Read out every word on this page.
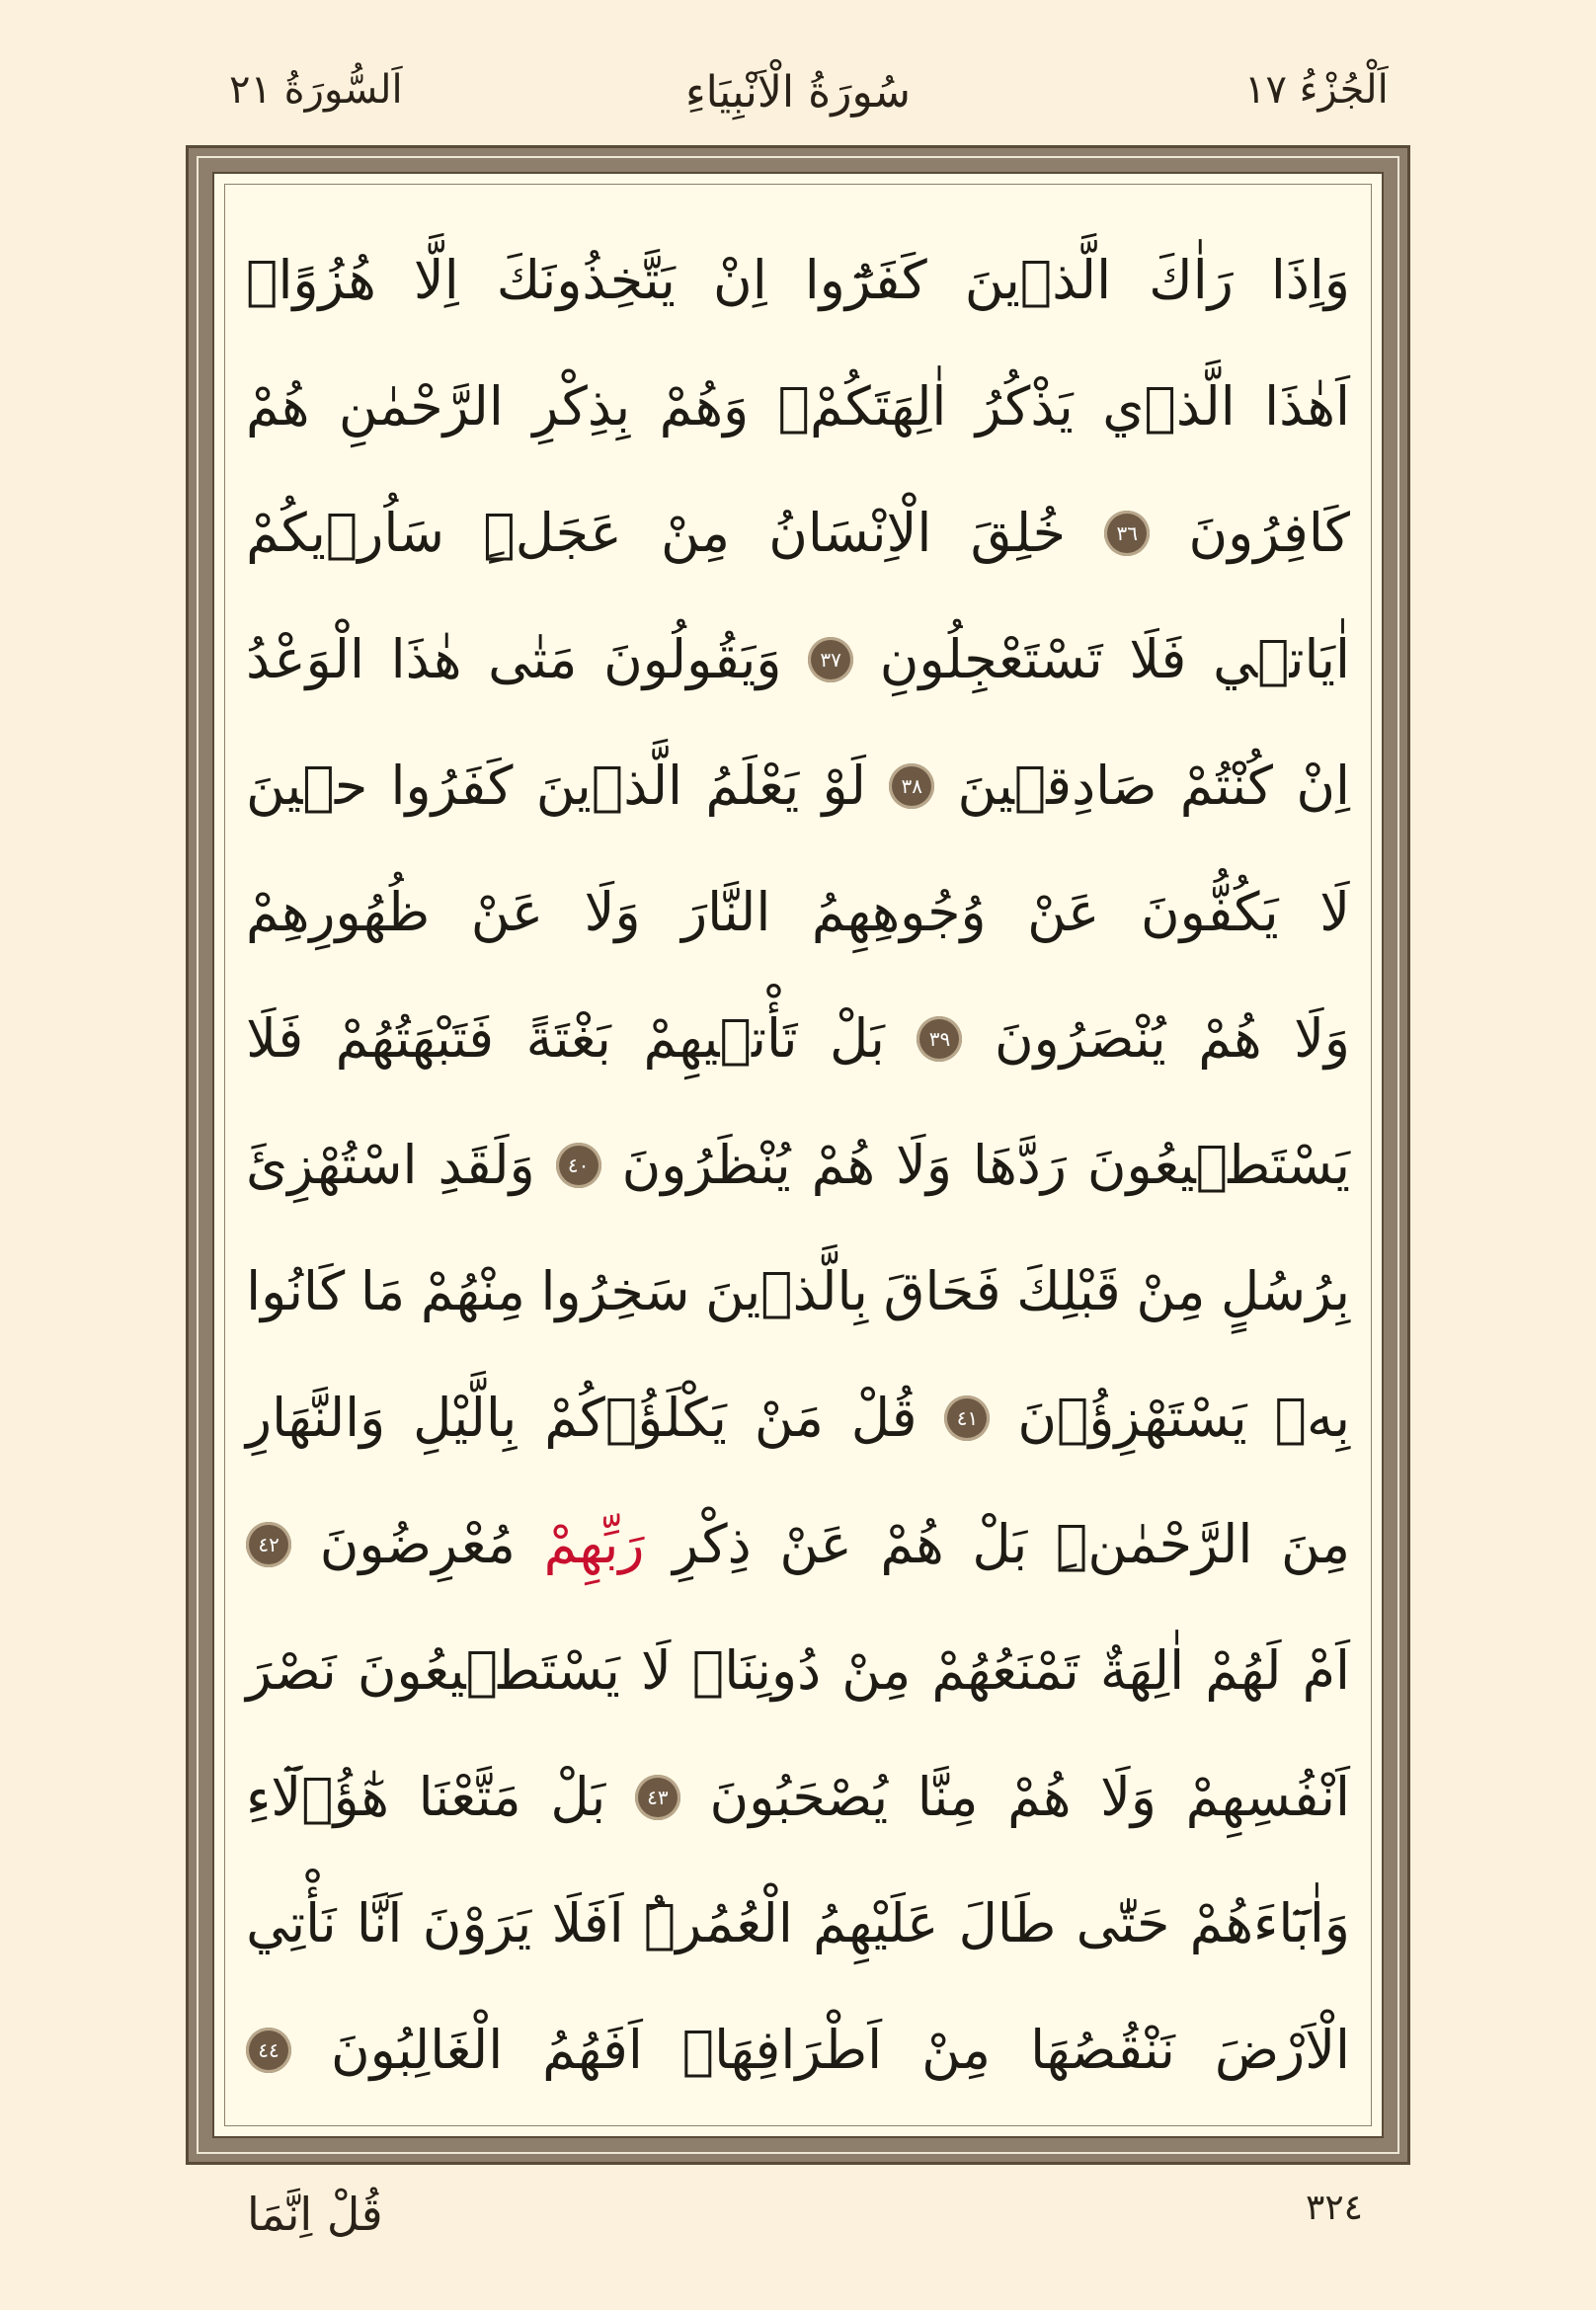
اَلْجُزْءُ ١٧
سُورَةُ الْاَنْبِيَاءِ
اَلسُّورَةُ ٢١
وَاِذَا
رَاٰكَ
الَّذ۪ينَ
كَفَرُٓوا
اِنْ
يَتَّخِذُونَكَ
اِلَّا
هُزُوًاۜ
اَهٰذَا
الَّذ۪ي
يَذْكُرُ
اٰلِهَتَكُمْۚ
وَهُمْ
بِذِكْرِ
الرَّحْمٰنِ
هُمْ
كَافِرُونَ
٣٦
خُلِقَ
الْاِنْسَانُ
مِنْ
عَجَلٍۜ
سَاُر۪يكُمْ
اٰيَات۪ي
فَلَا
تَسْتَعْجِلُونِ
٣٧
وَيَقُولُونَ
مَتٰى
هٰذَا
الْوَعْدُ
اِنْ
كُنْتُمْ
صَادِق۪ينَ
٣٨
لَوْ
يَعْلَمُ
الَّذ۪ينَ
كَفَرُوا
ح۪ينَ
لَا
يَكُفُّونَ
عَنْ
وُجُوهِهِمُ
النَّارَ
وَلَا
عَنْ
ظُهُورِهِمْ
وَلَا
هُمْ
يُنْصَرُونَ
٣٩
بَلْ
تَأْت۪يهِمْ
بَغْتَةً
فَتَبْهَتُهُمْ
فَلَا
يَسْتَط۪يعُونَ
رَدَّهَا
وَلَا
هُمْ
يُنْظَرُونَ
٤٠
وَلَقَدِ
اسْتُهْزِئَ
بِرُسُلٍ
مِنْ
قَبْلِكَ
فَحَاقَ
بِالَّذ۪ينَ
سَخِرُوا
مِنْهُمْ
مَا
كَانُوا
بِه۪
يَسْتَهْزِؤُ۫نَ
٤١
قُلْ
مَنْ
يَكْلَؤُ۫كُمْ
بِالَّيْلِ
وَالنَّهَارِ
مِنَ
الرَّحْمٰنِۜ
بَلْ
هُمْ
عَنْ
ذِكْرِ
رَبِّهِمْ
مُعْرِضُونَ
٤٢
اَمْ
لَهُمْ
اٰلِهَةٌ
تَمْنَعُهُمْ
مِنْ
دُونِنَاۜ
لَا
يَسْتَط۪يعُونَ
نَصْرَ
اَنْفُسِهِمْ
وَلَا
هُمْ
مِنَّا
يُصْحَبُونَ
٤٣
بَلْ
مَتَّعْنَا
هٰٓؤُ۬لَٓاءِ
وَاٰبَٓاءَهُمْ
حَتّٰى
طَالَ
عَلَيْهِمُ
الْعُمُرُۜ
اَفَلَا
يَرَوْنَ
اَنَّا
نَأْتِي
الْاَرْضَ
نَنْقُصُهَا
مِنْ
اَطْرَافِهَاۜ
اَفَهُمُ
الْغَالِبُونَ
٤٤
٣٢٤
قُلْ اِنَّمَا
